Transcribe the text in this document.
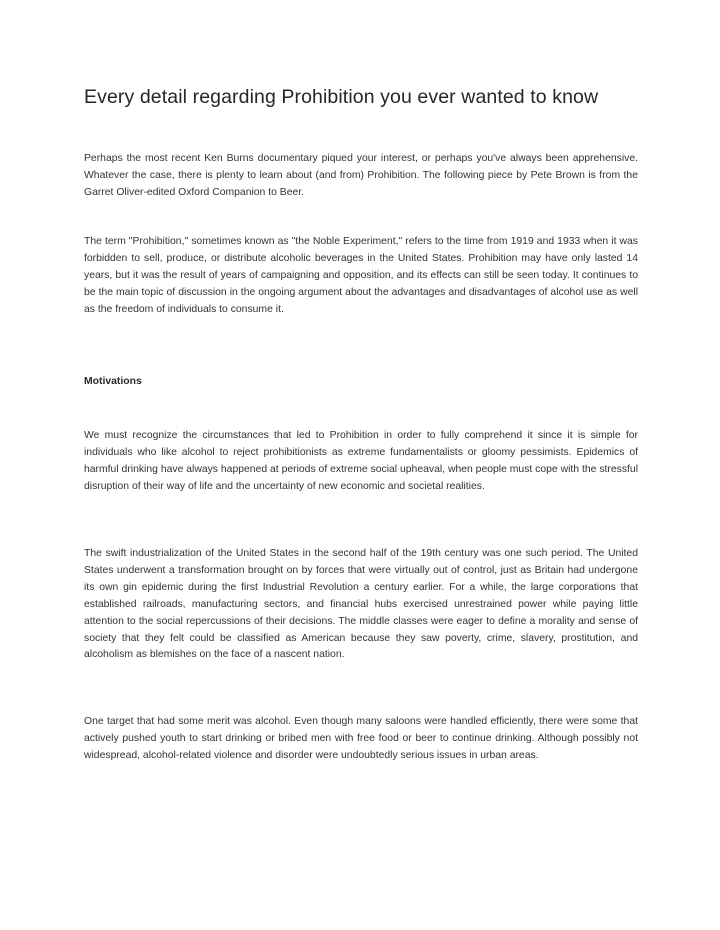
Every detail regarding Prohibition you ever wanted to know

Perhaps the most recent Ken Burns documentary piqued your interest, or perhaps you've always been apprehensive. Whatever the case, there is plenty to learn about (and from) Prohibition. The following piece by Pete Brown is from the Garret Oliver-edited Oxford Companion to Beer.

The term "Prohibition," sometimes known as "the Noble Experiment," refers to the time from 1919 and 1933 when it was forbidden to sell, produce, or distribute alcoholic beverages in the United States. Prohibition may have only lasted 14 years, but it was the result of years of campaigning and opposition, and its effects can still be seen today. It continues to be the main topic of discussion in the ongoing argument about the advantages and disadvantages of alcohol use as well as the freedom of individuals to consume it.

Motivations

We must recognize the circumstances that led to Prohibition in order to fully comprehend it since it is simple for individuals who like alcohol to reject prohibitionists as extreme fundamentalists or gloomy pessimists. Epidemics of harmful drinking have always happened at periods of extreme social upheaval, when people must cope with the stressful disruption of their way of life and the uncertainty of new economic and societal realities.

The swift industrialization of the United States in the second half of the 19th century was one such period. The United States underwent a transformation brought on by forces that were virtually out of control, just as Britain had undergone its own gin epidemic during the first Industrial Revolution a century earlier. For a while, the large corporations that established railroads, manufacturing sectors, and financial hubs exercised unrestrained power while paying little attention to the social repercussions of their decisions. The middle classes were eager to define a morality and sense of society that they felt could be classified as American because they saw poverty, crime, slavery, prostitution, and alcoholism as blemishes on the face of a nascent nation.

One target that had some merit was alcohol. Even though many saloons were handled efficiently, there were some that actively pushed youth to start drinking or bribed men with free food or beer to continue drinking. Although possibly not widespread, alcohol-related violence and disorder were undoubtedly serious issues in urban areas.
